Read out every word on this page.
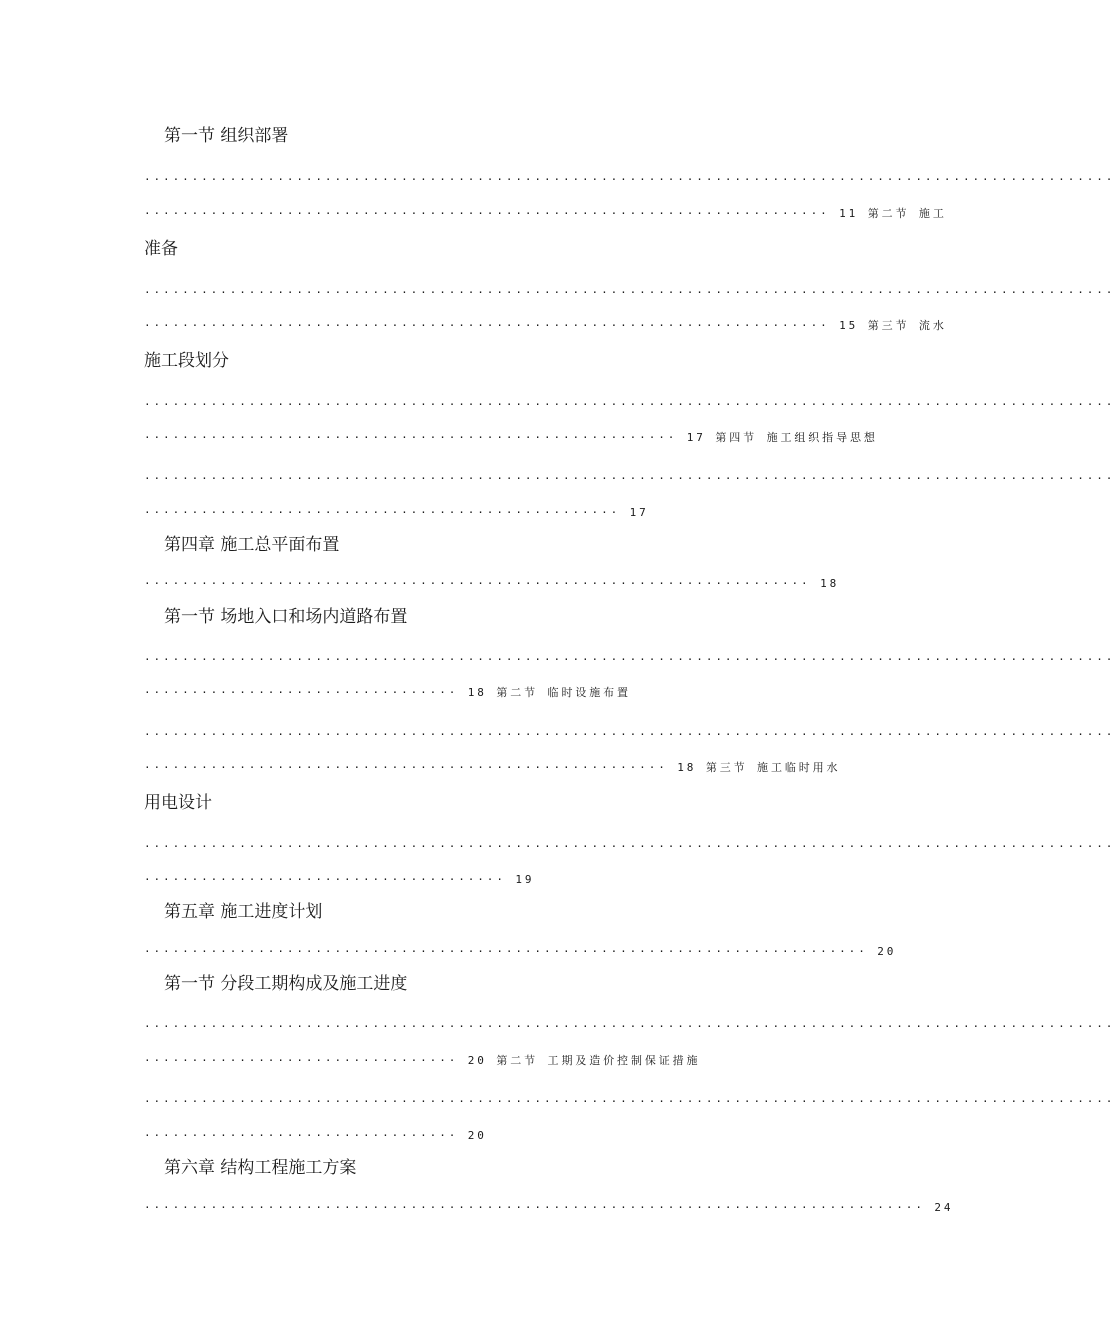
第一节 组织部署
······································································································
········································································ 11 第二节 施工
准备
······································································································
········································································ 15 第三节 流水
施工段划分
······································································································
························································ 17 第四节 施工组织指导思想
······································································································
·················································· 17
第四章 施工总平面布置
······································································ 18
第一节 场地入口和场内道路布置
······································································································
································· 18 第二节 临时设施布置
······································································································
······················································· 18 第三节 施工临时用水
用电设计
······································································································
······································ 19
第五章 施工进度计划
············································································ 20
第一节 分段工期构成及施工进度
······································································································
································· 20 第二节 工期及造价控制保证措施
······································································································
································· 20
第六章 结构工程施工方案
·················································································· 24
